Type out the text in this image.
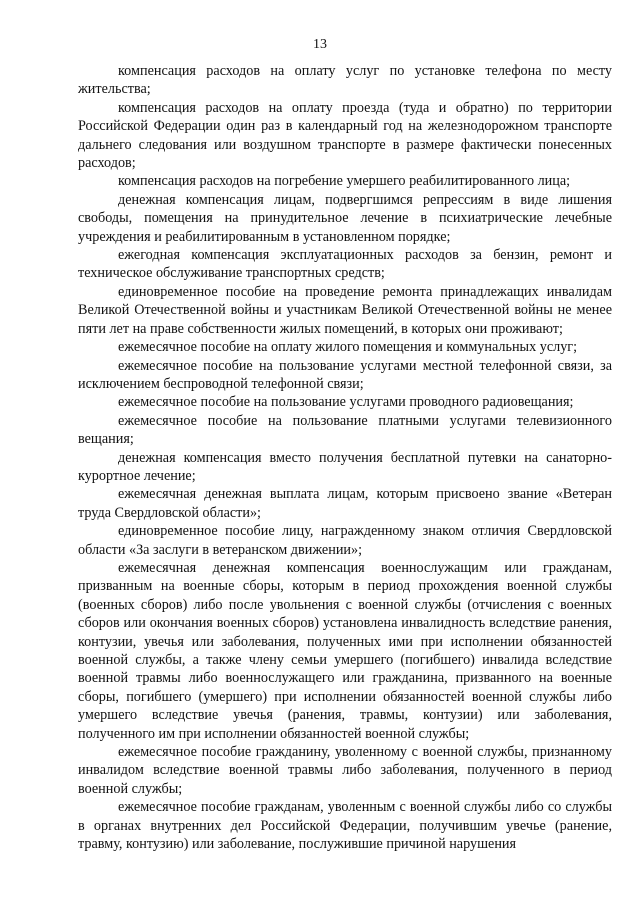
13

компенсация расходов на оплату услуг по установке телефона по месту жительства;

компенсация расходов на оплату проезда (туда и обратно) по территории Российской Федерации один раз в календарный год на железнодорожном транспорте дальнего следования или воздушном транспорте в размере фактически понесенных расходов;

компенсация расходов на погребение умершего реабилитированного лица;

денежная компенсация лицам, подвергшимся репрессиям в виде лишения свободы, помещения на принудительное лечение в психиатрические лечебные учреждения и реабилитированным в установленном порядке;

ежегодная компенсация эксплуатационных расходов за бензин, ремонт и техническое обслуживание транспортных средств;

единовременное пособие на проведение ремонта принадлежащих инвалидам Великой Отечественной войны и участникам Великой Отечественной войны не менее пяти лет на праве собственности жилых помещений, в которых они проживают;

ежемесячное пособие на оплату жилого помещения и коммунальных услуг;

ежемесячное пособие на пользование услугами местной телефонной связи, за исключением беспроводной телефонной связи;

ежемесячное пособие на пользование услугами проводного радиовещания;

ежемесячное пособие на пользование платными услугами телевизионного вещания;

денежная компенсация вместо получения бесплатной путевки на санаторно-курортное лечение;

ежемесячная денежная выплата лицам, которым присвоено звание «Ветеран труда Свердловской области»;

единовременное пособие лицу, награжденному знаком отличия Свердловской области «За заслуги в ветеранском движении»;

ежемесячная денежная компенсация военнослужащим или гражданам, призванным на военные сборы, которым в период прохождения военной службы (военных сборов) либо после увольнения с военной службы (отчисления с военных сборов или окончания военных сборов) установлена инвалидность вследствие ранения, контузии, увечья или заболевания, полученных ими при исполнении обязанностей военной службы, а также члену семьи умершего (погибшего) инвалида вследствие военной травмы либо военнослужащего или гражданина, призванного на военные сборы, погибшего (умершего) при исполнении обязанностей военной службы либо умершего вследствие увечья (ранения, травмы, контузии) или заболевания, полученного им при исполнении обязанностей военной службы;

ежемесячное пособие гражданину, уволенному с военной службы, признанному инвалидом вследствие военной травмы либо заболевания, полученного в период военной службы;

ежемесячное пособие гражданам, уволенным с военной службы либо со службы в органах внутренних дел Российской Федерации, получившим увечье (ранение, травму, контузию) или заболевание, послужившие причиной нарушения
